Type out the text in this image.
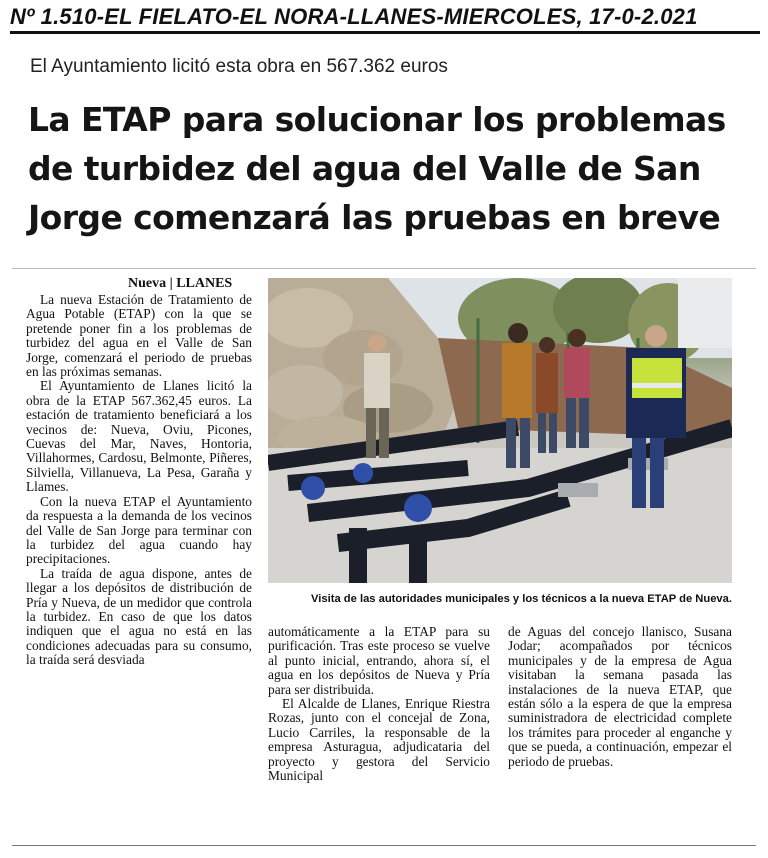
Nº 1.510-EL FIELATO-EL NORA-LLANES-MIERCOLES, 17-0-2.021
El Ayuntamiento licitó esta obra en 567.362 euros
La ETAP para solucionar los problemas
de turbidez del agua del Valle de San
Jorge comenzará las pruebas en breve
Nueva | LLANES

La nueva Estación de Tratamiento de Agua Potable (ETAP) con la que se pretende poner fin a los problemas de turbidez del agua en el Valle de San Jorge, comenzará el periodo de pruebas en las próximas semanas.

El Ayuntamiento de Llanes licitó la obra de la ETAP 567.362,45 euros. La estación de tratamiento beneficiará a los vecinos de: Nueva, Oviu, Picones, Cuevas del Mar, Naves, Hontoria, Villahormes, Cardosu, Belmonte, Piñeres, Silviella, Villanueva, La Pesa, Garaña y Llames.

Con la nueva ETAP el Ayuntamiento da respuesta a la demanda de los vecinos del Valle de San Jorge para terminar con la turbidez del agua cuando hay precipitaciones.

La traída de agua dispone, antes de llegar a los depósitos de distribución de Pría y Nueva, de un medidor que controla la turbidez. En caso de que los datos indiquen que el agua no está en las condiciones adecuadas para su consumo, la traída será desviada

Visita de las autoridades municipales y los técnicos a la nueva ETAP de Nueva.

automáticamente a la ETAP para su purificación. Tras este proceso se vuelve al punto inicial, entrando, ahora sí, el agua en los depósitos de Nueva y Pría para ser distribuida.

El Alcalde de Llanes, Enrique Riestra Rozas, junto con el concejal de Zona, Lucio Carriles, la responsable de la empresa Asturagua, adjudicataria del proyecto y gestora del Servicio Municipal

de Aguas del concejo llanisco, Susana Jodar; acompañados por técnicos municipales y de la empresa de Agua visitaban la semana pasada las instalaciones de la nueva ETAP, que están sólo a la espera de que la empresa suministradora de electricidad complete los trámites para proceder al enganche y que se pueda, a continuación, empezar el periodo de pruebas.
